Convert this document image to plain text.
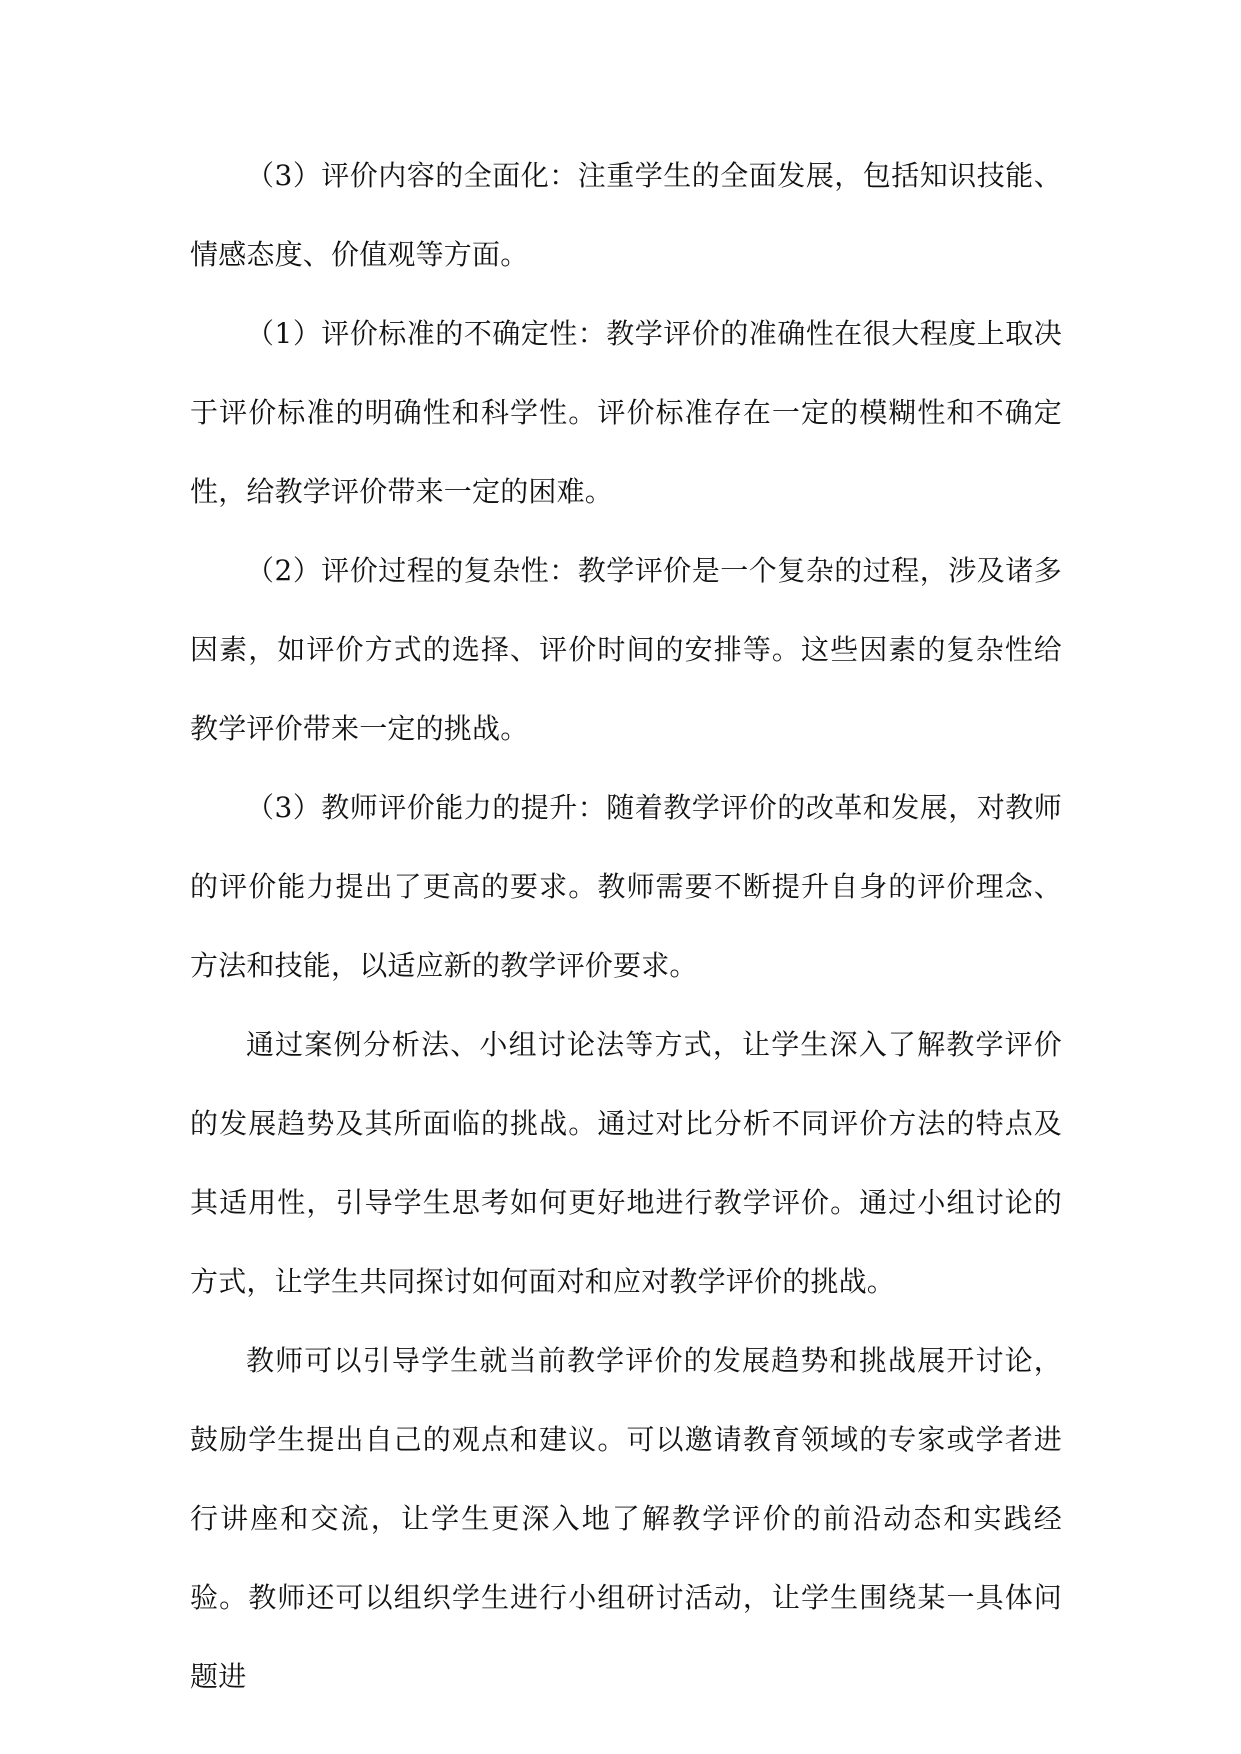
（3）评价内容的全面化：注重学生的全面发展，包括知识技能、情感态度、价值观等方面。

（1）评价标准的不确定性：教学评价的准确性在很大程度上取决于评价标准的明确性和科学性。评价标准存在一定的模糊性和不确定性，给教学评价带来一定的困难。

（2）评价过程的复杂性：教学评价是一个复杂的过程，涉及诸多因素，如评价方式的选择、评价时间的安排等。这些因素的复杂性给教学评价带来一定的挑战。

（3）教师评价能力的提升：随着教学评价的改革和发展，对教师的评价能力提出了更高的要求。教师需要不断提升自身的评价理念、方法和技能，以适应新的教学评价要求。

通过案例分析法、小组讨论法等方式，让学生深入了解教学评价的发展趋势及其所面临的挑战。通过对比分析不同评价方法的特点及其适用性，引导学生思考如何更好地进行教学评价。通过小组讨论的方式，让学生共同探讨如何面对和应对教学评价的挑战。

教师可以引导学生就当前教学评价的发展趋势和挑战展开讨论，鼓励学生提出自己的观点和建议。可以邀请教育领域的专家或学者进行讲座和交流，让学生更深入地了解教学评价的前沿动态和实践经验。教师还可以组织学生进行小组研讨活动，让学生围绕某一具体问题进
